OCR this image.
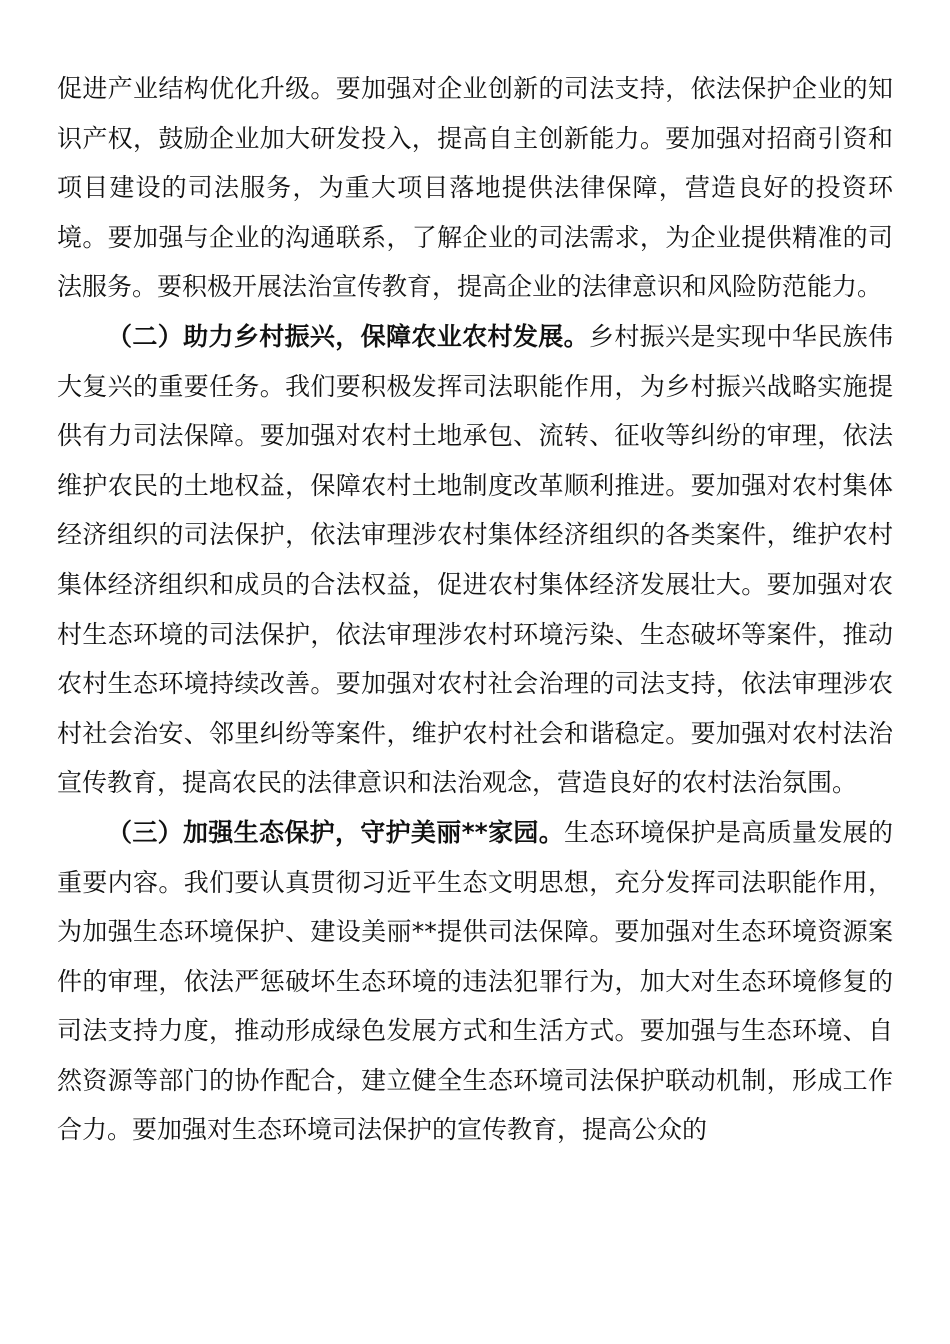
促进产业结构优化升级。要加强对企业创新的司法支持，依法保护企业的知识产权，鼓励企业加大研发投入，提高自主创新能力。要加强对招商引资和项目建设的司法服务，为重大项目落地提供法律保障，营造良好的投资环境。要加强与企业的沟通联系，了解企业的司法需求，为企业提供精准的司法服务。要积极开展法治宣传教育，提高企业的法律意识和风险防范能力。

（二）助力乡村振兴，保障农业农村发展。乡村振兴是实现中华民族伟大复兴的重要任务。我们要积极发挥司法职能作用，为乡村振兴战略实施提供有力司法保障。要加强对农村土地承包、流转、征收等纠纷的审理，依法维护农民的土地权益，保障农村土地制度改革顺利推进。要加强对农村集体经济组织的司法保护，依法审理涉农村集体经济组织的各类案件，维护农村集体经济组织和成员的合法权益，促进农村集体经济发展壮大。要加强对农村生态环境的司法保护，依法审理涉农村环境污染、生态破坏等案件，推动农村生态环境持续改善。要加强对农村社会治理的司法支持，依法审理涉农村社会治安、邻里纠纷等案件，维护农村社会和谐稳定。要加强对农村法治宣传教育，提高农民的法律意识和法治观念，营造良好的农村法治氛围。

（三）加强生态保护，守护美丽**家园。生态环境保护是高质量发展的重要内容。我们要认真贯彻习近平生态文明思想，充分发挥司法职能作用，为加强生态环境保护、建设美丽**提供司法保障。要加强对生态环境资源案件的审理，依法严惩破坏生态环境的违法犯罪行为，加大对生态环境修复的司法支持力度，推动形成绿色发展方式和生活方式。要加强与生态环境、自然资源等部门的协作配合，建立健全生态环境司法保护联动机制，形成工作合力。要加强对生态环境司法保护的宣传教育，提高公众的
